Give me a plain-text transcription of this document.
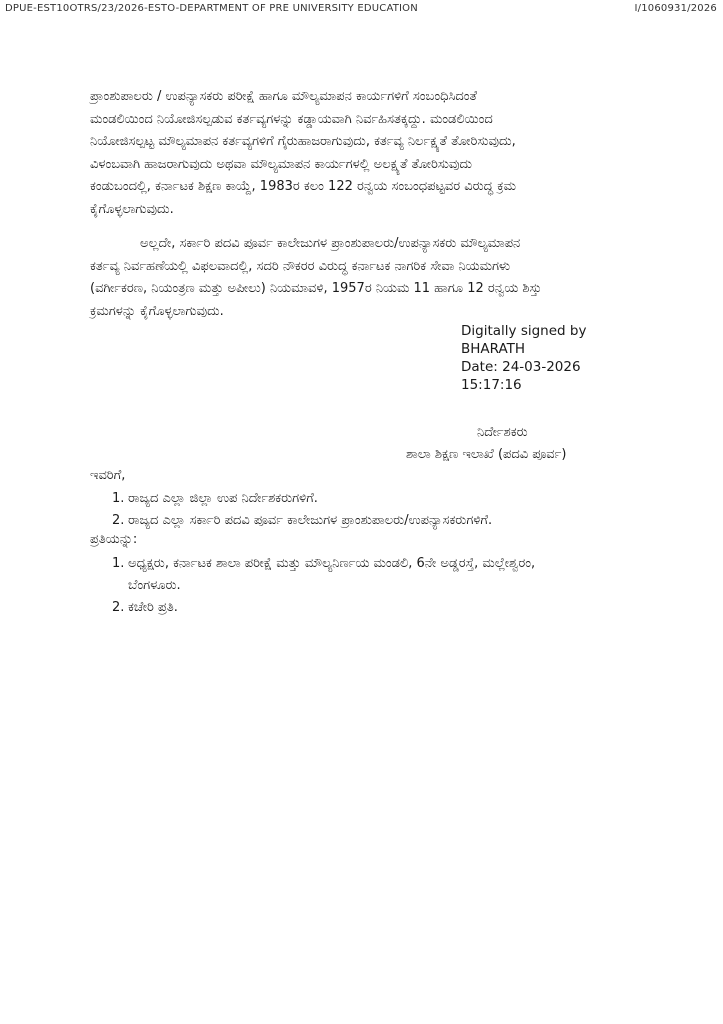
DPUE-EST10OTRS/23/2026-ESTO-DEPARTMENT OF PRE UNIVERSITY EDUCATION	I/1060931/2026
ಪ್ರಾಂಶುಪಾಲರು / ಉಪನ್ಯಾಸಕರು ಪರೀಕ್ಷೆ ಹಾಗೂ ಮೌಲ್ಯಮಾಪನ ಕಾರ್ಯಗಳಿಗೆ ಸಂಬಂಧಿಸಿದಂತೆ
ಮಂಡಲಿಯಿಂದ ನಿಯೋಜಿಸಲ್ಪಡುವ ಕರ್ತವ್ಯಗಳನ್ನು ಕಡ್ಡಾಯವಾಗಿ ನಿರ್ವಹಿಸತಕ್ಕದ್ದು. ಮಂಡಲಿಯಿಂದ
ನಿಯೋಜಿಸಲ್ಪಟ್ಟ ಮೌಲ್ಯಮಾಪನ ಕರ್ತವ್ಯಗಳಿಗೆ ಗೈರುಹಾಜರಾಗುವುದು, ಕರ್ತವ್ಯ ನಿರ್ಲಕ್ಷ್ಯತೆ ತೋರಿಸುವುದು,
ವಿಳಂಬವಾಗಿ ಹಾಜರಾಗುವುದು ಅಥವಾ ಮೌಲ್ಯಮಾಪನ ಕಾರ್ಯಗಳಲ್ಲಿ ಅಲಕ್ಷ್ಯತೆ ತೋರಿಸುವುದು
ಕಂಡುಬಂದಲ್ಲಿ, ಕರ್ನಾಟಕ ಶಿಕ್ಷಣ ಕಾಯ್ದೆ, 1983ರ ಕಲಂ 122 ರನ್ವಯ ಸಂಬಂಧಪಟ್ಟವರ ವಿರುದ್ಧ ಕ್ರಮ
ಕೈಗೊಳ್ಳಲಾಗುವುದು.
ಅಲ್ಲದೇ, ಸರ್ಕಾರಿ ಪದವಿ ಪೂರ್ವ ಕಾಲೇಜುಗಳ ಪ್ರಾಂಶುಪಾಲರು/ಉಪನ್ಯಾಸಕರು ಮೌಲ್ಯಮಾಪನ
ಕರ್ತವ್ಯ ನಿರ್ವಹಣೆಯಲ್ಲಿ ವಿಫಲವಾದಲ್ಲಿ, ಸದರಿ ನೌಕರರ ವಿರುದ್ಧ ಕರ್ನಾಟಕ ನಾಗರಿಕ ಸೇವಾ ನಿಯಮಗಳು
(ವರ್ಗೀಕರಣ, ನಿಯಂತ್ರಣ ಮತ್ತು ಅಪೀಲು) ನಿಯಮಾವಳಿ, 1957ರ ನಿಯಮ 11 ಹಾಗೂ 12 ರನ್ವಯ ಶಿಸ್ತು
ಕ್ರಮಗಳನ್ನು ಕೈಗೊಳ್ಳಲಾಗುವುದು.
Digitally signed by
BHARATH
Date: 24-03-2026
15:17:16
ನಿರ್ದೇಶಕರು
ಶಾಲಾ ಶಿಕ್ಷಣ ಇಲಾಖೆ (ಪದವಿ ಪೂರ್ವ)
ಇವರಿಗೆ,
1. ರಾಜ್ಯದ ಎಲ್ಲಾ ಜಿಲ್ಲಾ ಉಪ ನಿರ್ದೇಶಕರುಗಳಿಗೆ.
2. ರಾಜ್ಯದ ಎಲ್ಲಾ ಸರ್ಕಾರಿ ಪದವಿ ಪೂರ್ವ ಕಾಲೇಜುಗಳ ಪ್ರಾಂಶುಪಾಲರು/ಉಪನ್ಯಾಸಕರುಗಳಿಗೆ.
ಪ್ರತಿಯನ್ನು:
1. ಅಧ್ಯಕ್ಷರು, ಕರ್ನಾಟಕ ಶಾಲಾ ಪರೀಕ್ಷೆ ಮತ್ತು ಮೌಲ್ಯನಿರ್ಣಯ ಮಂಡಲಿ, 6ನೇ ಅಡ್ಡರಸ್ತೆ, ಮಲ್ಲೇಶ್ವರಂ,
ಬೆಂಗಳೂರು.
2. ಕಚೇರಿ ಪ್ರತಿ.
